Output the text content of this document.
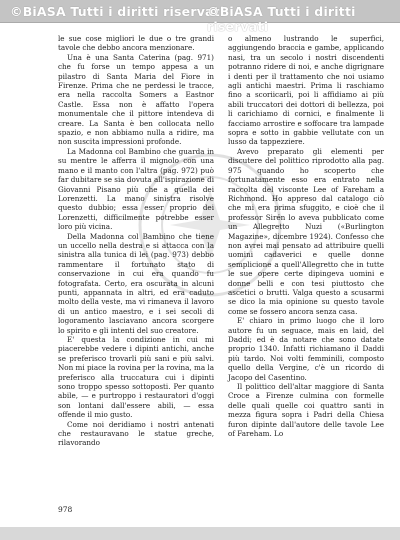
©BiASA Tutti i diritti riservati
©BiASA Tutti i diritti riservati

le sue cose migliori le due o tre grandi tavole che debbo ancora menzionare.

Una è una Santa Caterina (pag. 971) che fu forse un tempo appesa a un pilastro di Santa Maria del Fiore in Firenze. Prima che ne perdessi le tracce, era nella raccolta Somers a Eastnor Castle. Essa non è affatto l'opera monumentale che il pittore intendeva di creare. La Santa è ben collocata nello spazio, e non abbiamo nulla a ridire, ma non suscita impressioni profonde.

La Madonna col Bambino che guarda in su mentre le afferra il mignolo con una mano e il manto con l'altra (pag. 972) può far dubitare se sia dovuta all'ispirazione di Giovanni Pisano più che a quella dei Lorenzetti. La mano sinistra risolve questo dubbio; essa esser proprio dei Lorenzetti, difficilmente potrebbe esser loro più vicina.

Della Madonna col Bambino che tiene un uccello nella destra e si attacca con la sinistra alla tunica di lei (pag. 973) debbo rammentare il fortunato stato di conservazione in cui era quando fu fotografata. Certo, era oscurata in alcuni punti, appannata in altri, ed era caduto molto della veste, ma vi rimaneva il lavoro di un antico maestro, e i sei secoli di logoramento lasciavano ancora scorgere lo spirito e gli intenti del suo creatore.

E' questa la condizione in cui mi piacerebbe vedere i dipinti antichi, anche se preferisco trovarli più sani e più salvi. Non mi piace la rovina per la rovina, ma la preferisco alla truccatura cui i dipinti sono troppo spesso sottoposti. Per quanto abile, — e purtroppo i restauratori d'oggi son lontani dall'essere abili, — essa offende il mio gusto.

Come noi deridiamo i nostri antenati che restauravano le statue greche, rilavorando

o almeno lustrando le superfici, aggiungendo braccia e gambe, applicando nasi, tra un secolo i nostri discendenti potranno ridere di noi, e anche digrignare i denti per il trattamento che noi usiamo agli antichi maestri. Prima li raschiamo fino a scoriicarli, poi li affidiamo ai più abili truccatori dei dottori di bellezza, poi li carichiamo di cornici, e finalmente li facciamo arrostire e soffocare tra lampade sopra e sotto in gabbie vellutate con un lusso da tappezziere.

Avevo preparato gli elementi per discutere del polittico riprodotto alla pag. 975 quando ho scoperto che fortunatamente esso era entrato nella raccolta del visconte Lee of Fareham a Richmond. Ho appreso dal catalogo ciò che mi era prima sfuggito, e cioè che il professor Sirén lo aveva pubblicato come un Allegretto Nuzi («Burlington Magazine», dicembre 1924). Confesso che non avrei mai pensato ad attribuire quelli uomini cadaverici e quelle donne semplicione a quell'Allegretto che in tutte le sue opere certe dipingeva uomini e donne belli e con tesi piuttosto che ascetici o brutti. Valga questo a scusarmi se dico la mia opinione su questo tavole come se fossero ancora senza casa.

E' chiaro in primo luogo che il loro autore fu un seguace, mais en laid, del Daddi; ed è da notare che sono datate proprio 1340. Infatti richiamano il Daddi più tardo. Noi volti femminili, composto quello della Vergine, c'è un ricordo di Jacopo del Casentino.

Il polittico dell'altar maggiore di Santa Croce a Firenze culmina con formelle delle quali quelle coi quattro santi in mezza figura sopra i Padri della Chiesa furon dipinte dall'autore delle tavole Lee of Fareham. Lo

978
